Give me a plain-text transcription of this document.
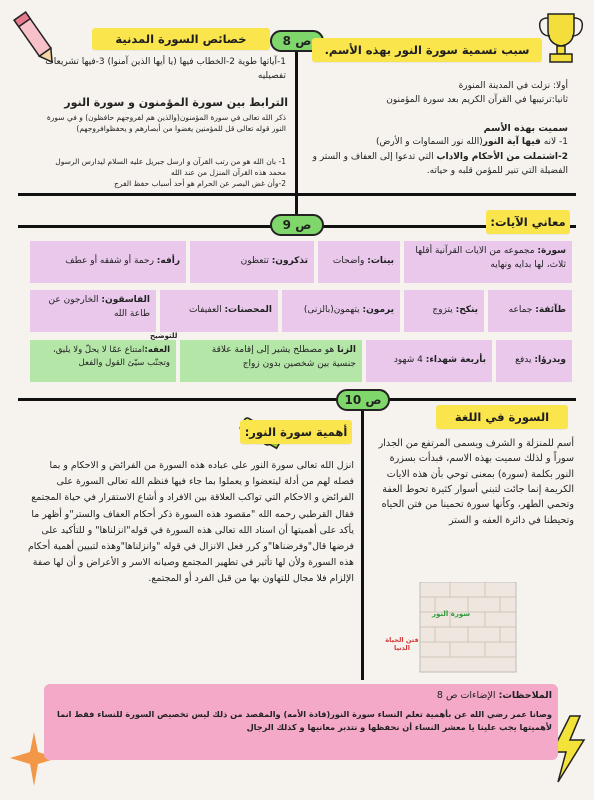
ص 8
ص 9
ص 10
سبب تسمية سورة النور بهذه الأسم.
أولا: نزلت في المدينة المنورة
ثانيا:ترتيبها في القرآن الكريم بعد سورة المؤمنون
سميت بهذه الأسم
1- لانه فيها آية النور(الله نور السماوات و الأرض)
2-اشتملت من الأحكام والاداب التي تدعوا إلى العفاف و الستر و الفضيلة التي تنير للمؤمن قلبه و حياته.
خصائص السورة المدنية
1-آياتها طوية 2-الخطاب فيها (يا أيها الذين آمنوا) 3-فيها تشريعات تفصيليه
الترابط بين سورة المؤمنون و سورة النور
ذكر الله تعالى في سورة المؤمنون(والذين هم لفروجهم حافظون) و في سورة النور قوله تعالى قل للمؤمنين يغضوا من أبصارهم و يحفظوافروجهم)
1- بان الله هو من رتب القرآن و ارسل جبريل عليه السلام ليدارس الرسول محمد هذه القرآن المنزل من عند الله
2-وأن غض البصر عن الحرام هو أحد أسباب حفظ الفرج
معاني الآيات:
سورة: مجموعه من الايات القرآنية أقلها ثلاث، لها بدايه ونهايه
بينات: واضحات
تذكرون: تتعظون
رأفه: رحمة أو شفقه أو عطف
طآئفة: جماعه
ينكح: يتزوج
يرمون: يتهمون(بالزنى)
المحصنات: العفيفات
الفاسقون: الخارجون عن طاعة الله
ويدرؤا: يدفع
بأربعة شهداء: 4 شهود
الزنا هو مصطلح يشير إلى إقامة علاقة جنسية بين شخصين بدون زواج
العفه:امتناع عمّا لا يحلّ ولا يليق، وتجنّب سيّئ القول والفعل
للتوضيح
السورة في اللغة
أسم للمنزلة و الشرف ويسمى المرتفع من الجدار سوراً و لذلك سميت بهذه الاسم، فبدأت بسزرة النور بكلمة (سورة) بمعنى توحي بأن هذه الايات الكريمة إنما جائت لتبني أسوار كثيرة تحوط العفة وتحمي الطهر، وكأنها سورة تحمينا من فتن الحياه وتحيطنا في دائرة العفه و الستر
سورة النور
فتن الحياة الدنيا
أهمية سورة النور:
انزل الله تعالى سورة النور على عباده هذه السورة من الفرائض و الاحكام و بما فصله لهم من أدلة ليتعضوا و يعملوا بما جاء فيها فنظم الله تعالى السورة على الفرائض و الاحكام التي تواكب العلاقة بين الافراد و أشاع الاستقرار في حياة المجتمع فقال القرطبي رحمه الله "مقصود هذه السورة ذكر أحكام العفاف والستر"و أظهر ما يأكد على أهميتها أن اسناد الله تعالى هذه السورة في قوله"انزلناها" و للتأكيد على فرضها قال"وفرضناها"و كرر فعل الانزال في قوله "وانزلناها"وهذه لتبيين أهمية أحكام هذه السورة ولأن لها تأثير في تطهير المجتمع وصيانه الاسر و الأعراض و أن لها صفة الإلزام فلا مجال للتهاون بها من قبل الفرد أو المجتمع.
الملاحظات: الإضاءات ص 8
وصانا عمر رضي الله عن بأهمية تعلم النساء سورة النور(قادة الأمه) والمقصد من ذلك ليس تخصيص السورة للنساء فقط انما لأهميتها يجب علينا يا معشر النساء أن نحفظها و نتدبر معانيها و كذلك الرجال
